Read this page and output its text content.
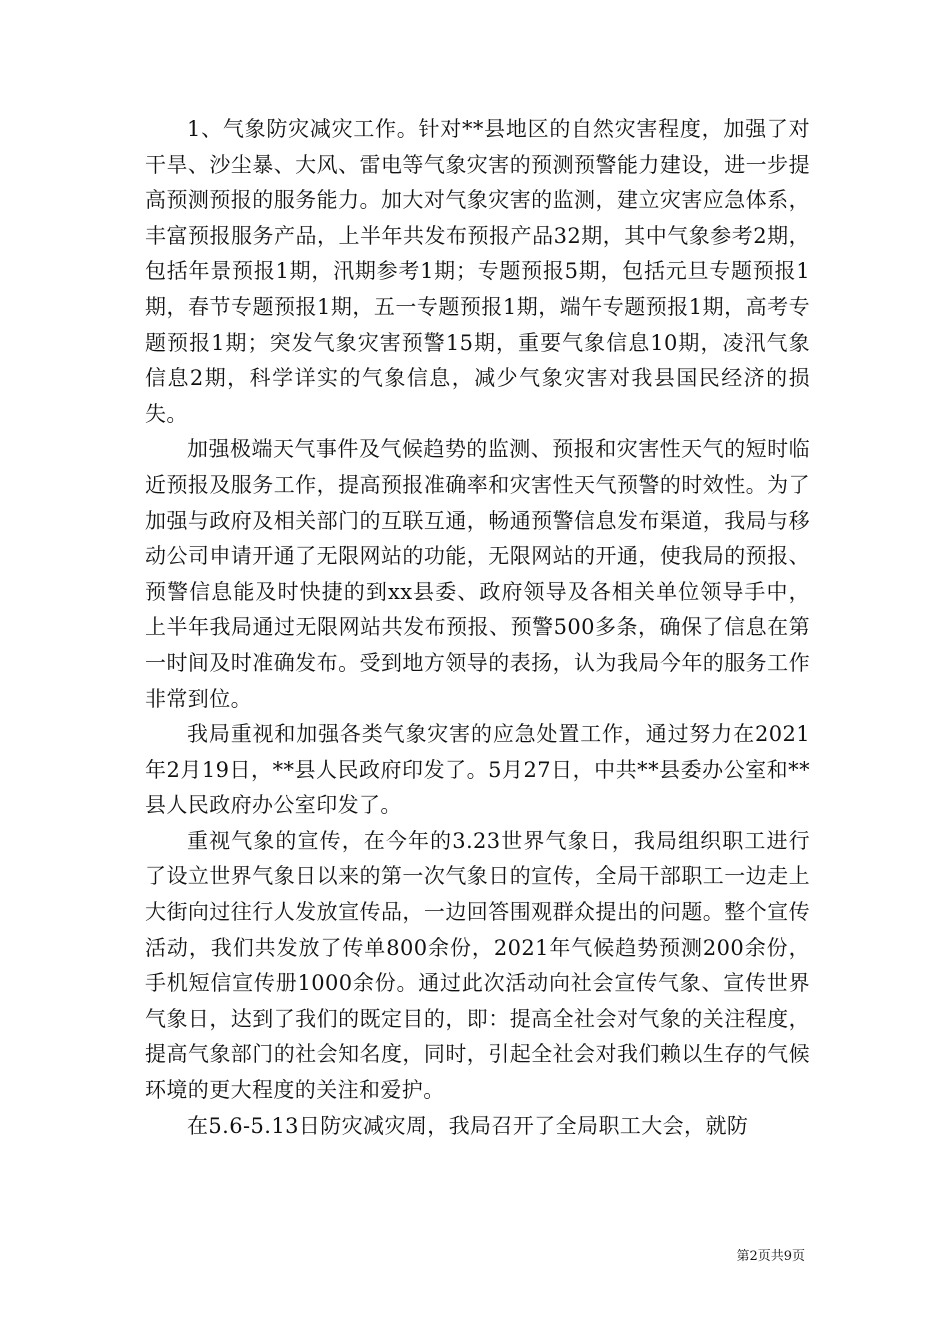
1、气象防灾减灾工作。针对**县地区的自然灾害程度，加强了对干旱、沙尘暴、大风、雷电等气象灾害的预测预警能力建设，进一步提高预测预报的服务能力。加大对气象灾害的监测，建立灾害应急体系，丰富预报服务产品，上半年共发布预报产品32期，其中气象参考2期，包括年景预报1期，汛期参考1期；专题预报5期，包括元旦专题预报1期，春节专题预报1期，五一专题预报1期，端午专题预报1期，高考专题预报1期；突发气象灾害预警15期，重要气象信息10期，凌汛气象信息2期，科学详实的气象信息，减少气象灾害对我县国民经济的损失。

加强极端天气事件及气候趋势的监测、预报和灾害性天气的短时临近预报及服务工作，提高预报准确率和灾害性天气预警的时效性。为了加强与政府及相关部门的互联互通，畅通预警信息发布渠道，我局与移动公司申请开通了无限网站的功能，无限网站的开通，使我局的预报、预警信息能及时快捷的到xx县委、政府领导及各相关单位领导手中，上半年我局通过无限网站共发布预报、预警500多条，确保了信息在第一时间及时准确发布。受到地方领导的表扬，认为我局今年的服务工作非常到位。

我局重视和加强各类气象灾害的应急处置工作，通过努力在2021年2月19日，**县人民政府印发了。5月27日，中共**县委办公室和**县人民政府办公室印发了。

重视气象的宣传，在今年的3.23世界气象日，我局组织职工进行了设立世界气象日以来的第一次气象日的宣传，全局干部职工一边走上大街向过往行人发放宣传品，一边回答围观群众提出的问题。整个宣传活动，我们共发放了传单800余份，2021年气候趋势预测200余份，手机短信宣传册1000余份。通过此次活动向社会宣传气象、宣传世界气象日，达到了我们的既定目的，即：提高全社会对气象的关注程度，提高气象部门的社会知名度，同时，引起全社会对我们赖以生存的气候环境的更大程度的关注和爱护。

在5.6-5.13日防灾减灾周，我局召开了全局职工大会，就防

第2页共9页
